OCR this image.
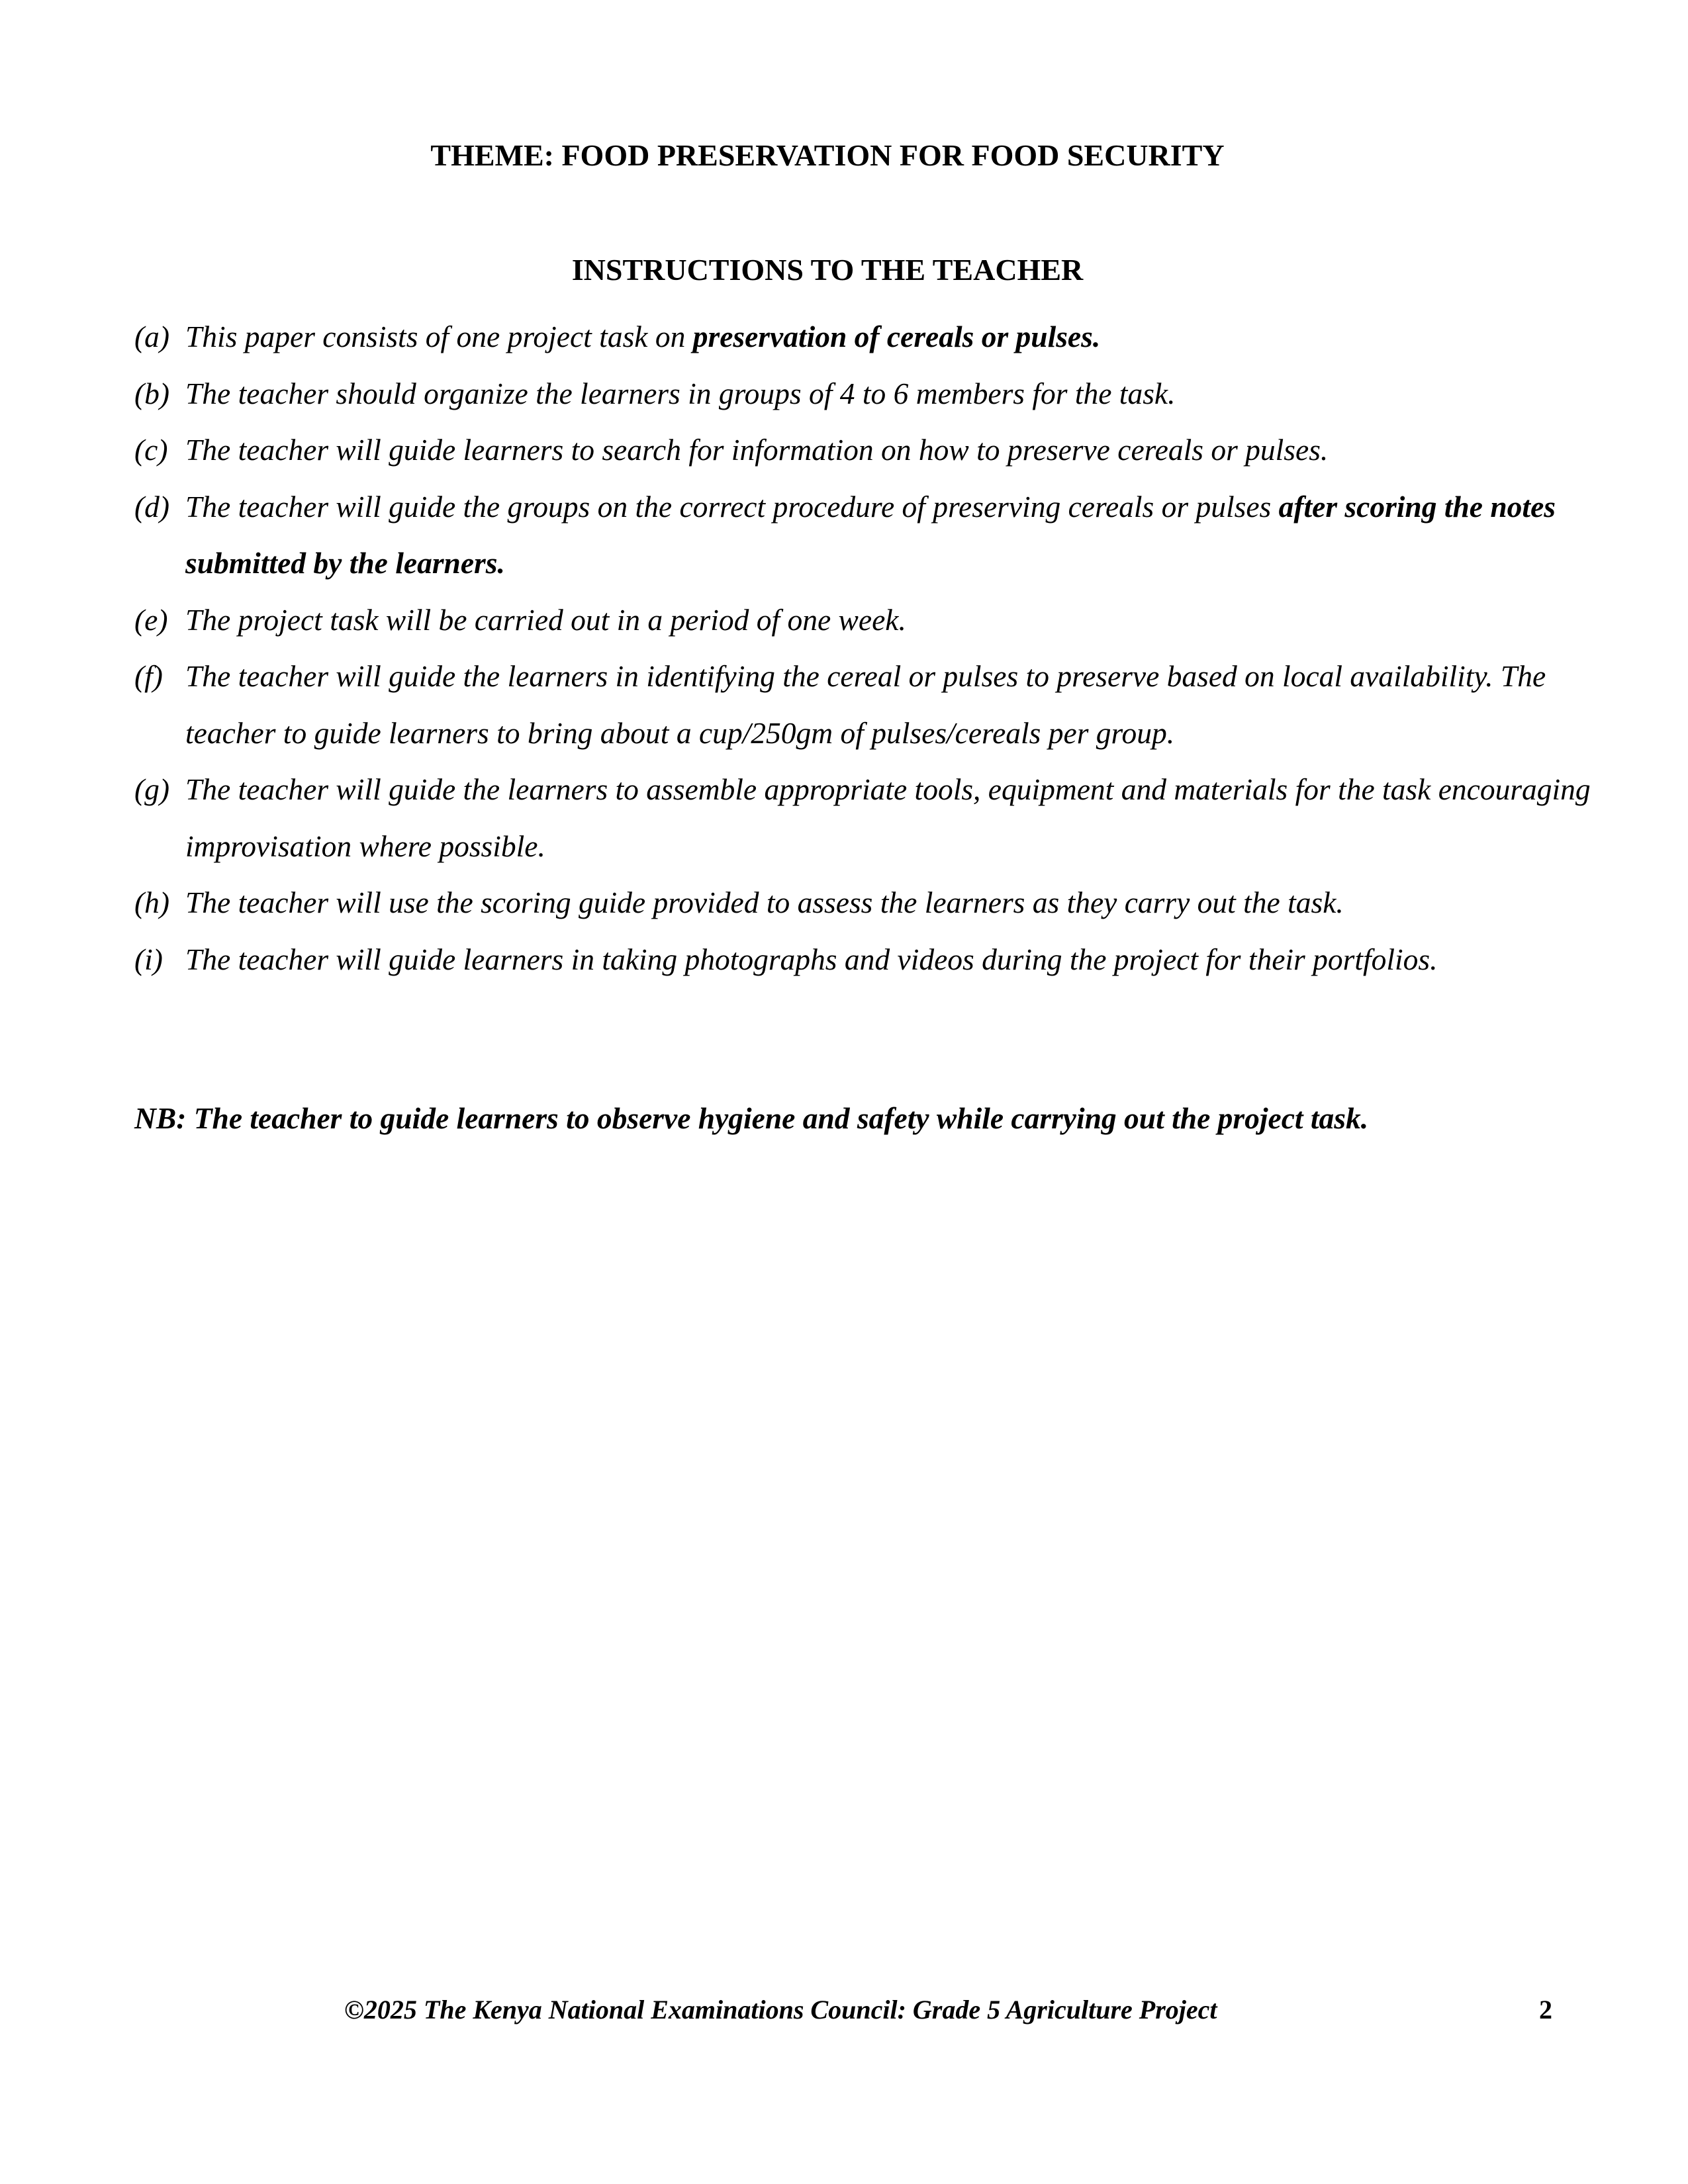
THEME: FOOD PRESERVATION FOR FOOD SECURITY
INSTRUCTIONS TO THE TEACHER
(a) This paper consists of one project task on preservation of cereals or pulses.
(b) The teacher should organize the learners in groups of 4 to 6 members for the task.
(c) The teacher will guide learners to search for information on how to preserve cereals or pulses.
(d) The teacher will guide the groups on the correct procedure of preserving cereals or pulses after scoring the notes submitted by the learners.
(e) The project task will be carried out in a period of one week.
(f) The teacher will guide the learners in identifying the cereal or pulses to preserve based on local availability. The teacher to guide learners to bring about a cup/250gm of pulses/cereals per group.
(g) The teacher will guide the learners to assemble appropriate tools, equipment and materials for the task encouraging improvisation where possible.
(h) The teacher will use the scoring guide provided to assess the learners as they carry out the task.
(i) The teacher will guide learners in taking photographs and videos during the project for their portfolios.
NB: The teacher to guide learners to observe hygiene and safety while carrying out the project task.
©2025 The Kenya National Examinations Council: Grade 5 Agriculture Project	2
